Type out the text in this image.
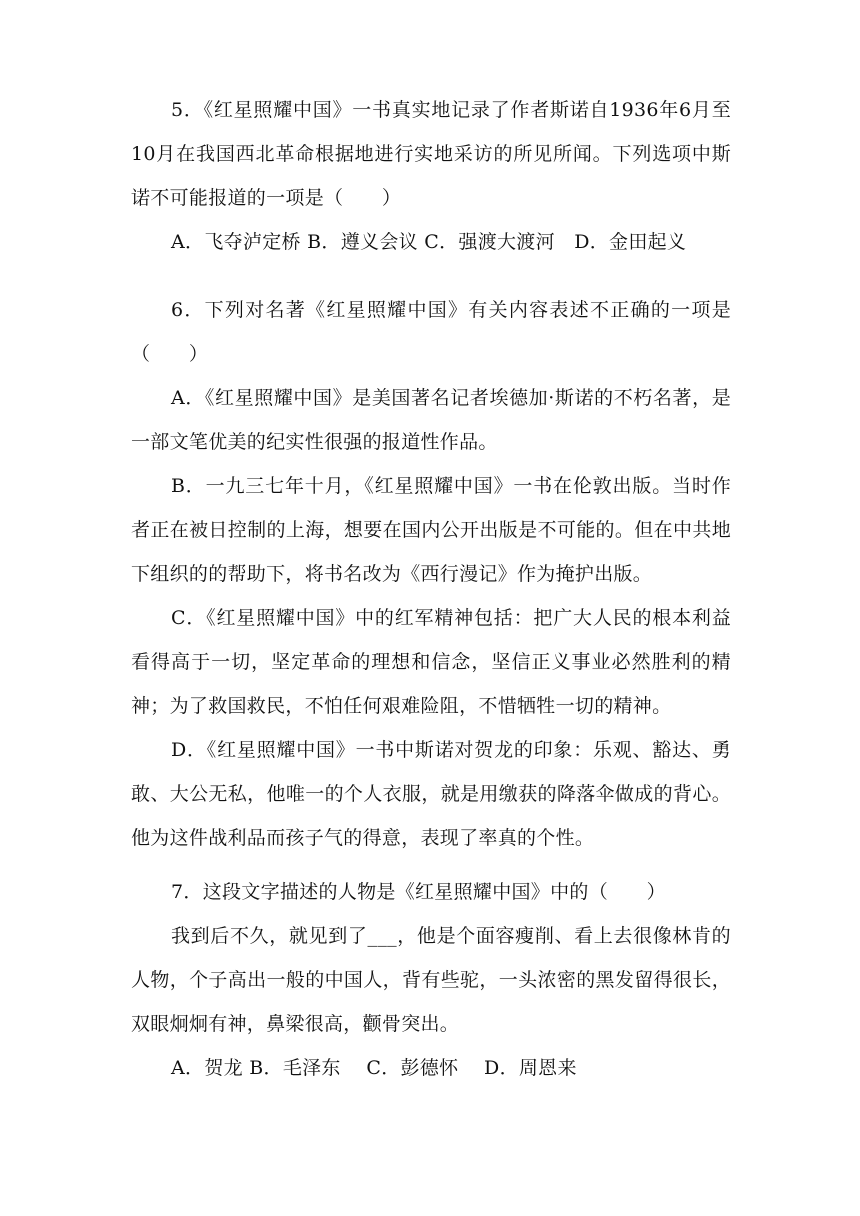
5．《红星照耀中国》一书真实地记录了作者斯诺自1936年6月至10月在我国西北革命根据地进行实地采访的所见所闻。下列选项中斯诺不可能报道的一项是（　　）

A．飞夺泸定桥 B．遵义会议 C．强渡大渡河　D．金田起义

6．下列对名著《红星照耀中国》有关内容表述不正确的一项是（　　）

A．《红星照耀中国》是美国著名记者埃德加·斯诺的不朽名著，是一部文笔优美的纪实性很强的报道性作品。

B．一九三七年十月，《红星照耀中国》一书在伦敦出版。当时作者正在被日控制的上海，想要在国内公开出版是不可能的。但在中共地下组织的的帮助下，将书名改为《西行漫记》作为掩护出版。

C．《红星照耀中国》中的红军精神包括：把广大人民的根本利益看得高于一切，坚定革命的理想和信念，坚信正义事业必然胜利的精神；为了救国救民，不怕任何艰难险阻，不惜牺牲一切的精神。

D．《红星照耀中国》一书中斯诺对贺龙的印象：乐观、豁达、勇敢、大公无私，他唯一的个人衣服，就是用缴获的降落伞做成的背心。他为这件战利品而孩子气的得意，表现了率真的个性。

7．这段文字描述的人物是《红星照耀中国》中的（　　）

我到后不久，就见到了___，他是个面容瘦削、看上去很像林肯的人物，个子高出一般的中国人，背有些驼，一头浓密的黑发留得很长，双眼炯炯有神，鼻梁很高，颧骨突出。

A．贺龙 B．毛泽东　 C．彭德怀　 D．周恩来
